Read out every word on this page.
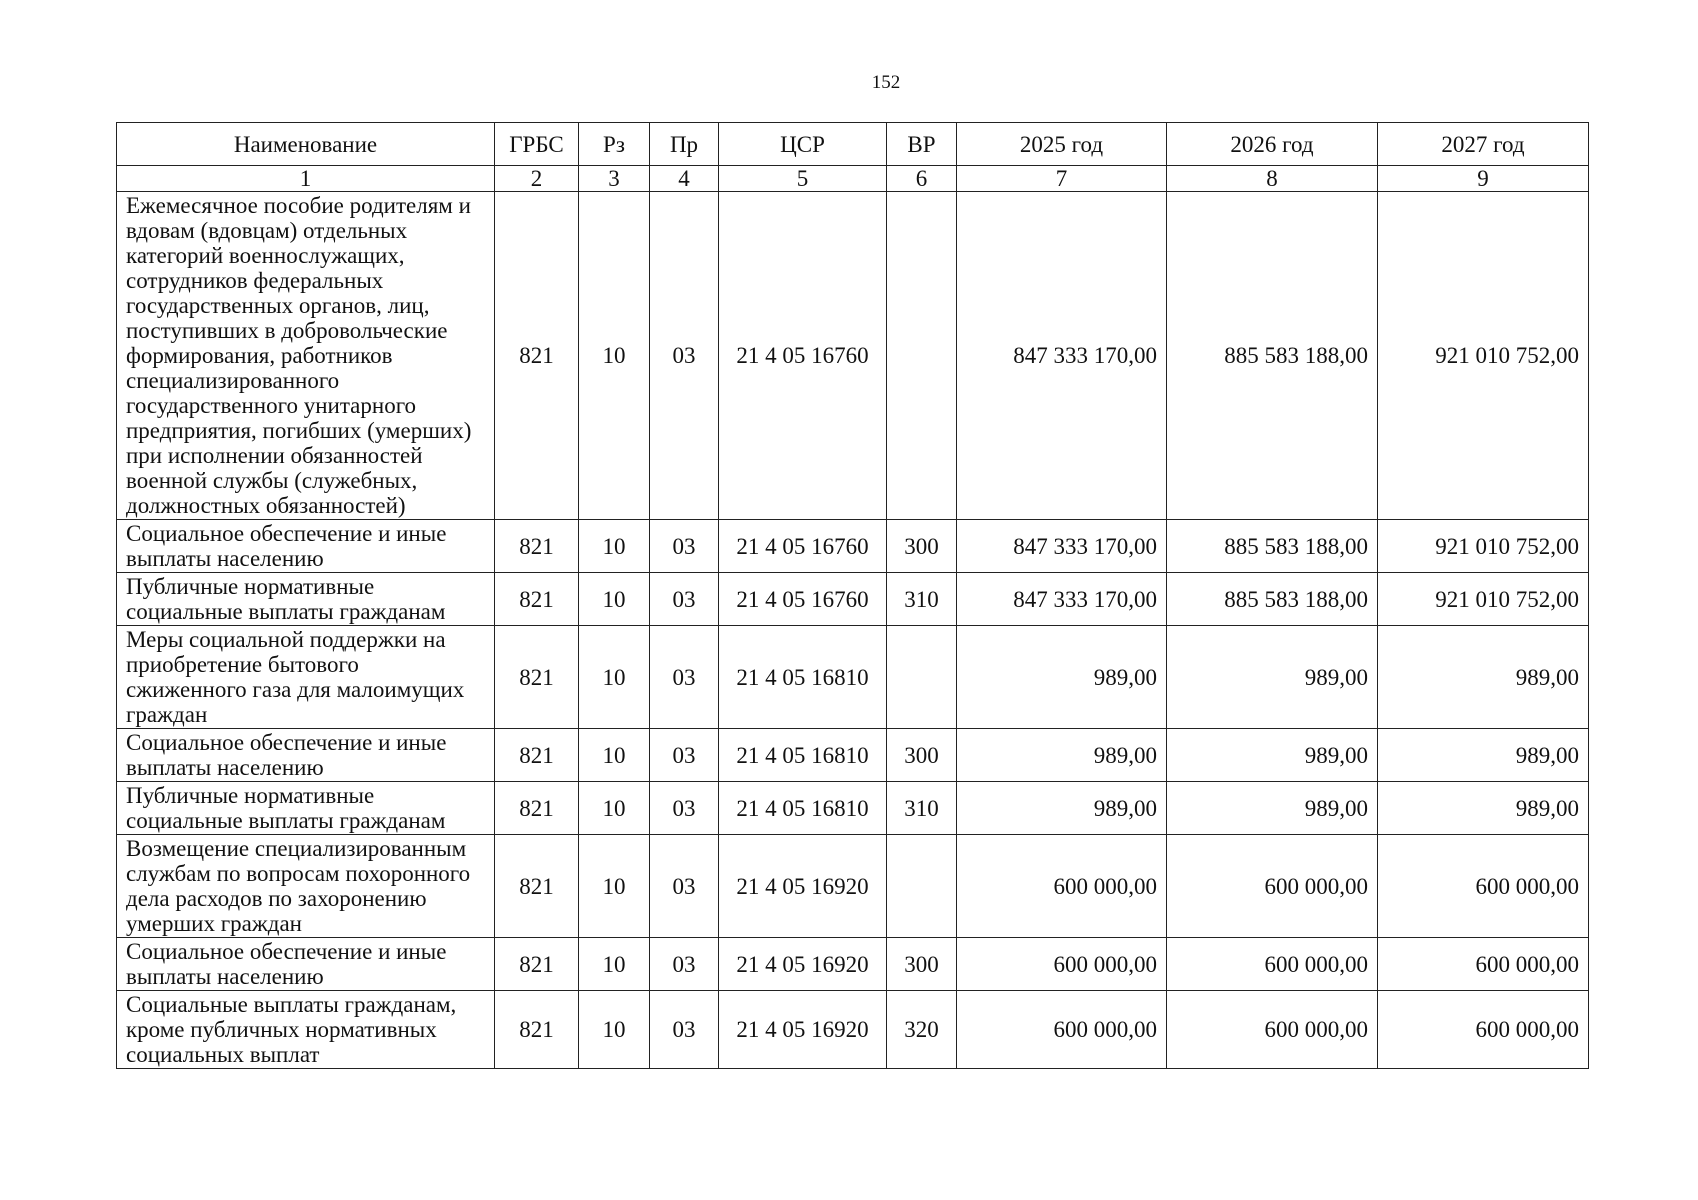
152
Наименование	ГРБС	Рз	Пр	ЦСР	ВР	2025 год	2026 год	2027 год
1	2	3	4	5	6	7	8	9
Ежемесячное пособие родителям и вдовам (вдовцам) отдельных категорий военнослужащих, сотрудников федеральных государственных органов, лиц, поступивших в добровольческие формирования, работников специализированного государственного унитарного предприятия, погибших (умерших) при исполнении обязанностей военной службы (служебных, должностных обязанностей)	821	10	03	21 4 05 16760		847 333 170,00	885 583 188,00	921 010 752,00
Социальное обеспечение и иные выплаты населению	821	10	03	21 4 05 16760	300	847 333 170,00	885 583 188,00	921 010 752,00
Публичные нормативные социальные выплаты гражданам	821	10	03	21 4 05 16760	310	847 333 170,00	885 583 188,00	921 010 752,00
Меры социальной поддержки на приобретение бытового сжиженного газа для малоимущих граждан	821	10	03	21 4 05 16810		989,00	989,00	989,00
Социальное обеспечение и иные выплаты населению	821	10	03	21 4 05 16810	300	989,00	989,00	989,00
Публичные нормативные социальные выплаты гражданам	821	10	03	21 4 05 16810	310	989,00	989,00	989,00
Возмещение специализированным службам по вопросам похоронного дела расходов по захоронению умерших граждан	821	10	03	21 4 05 16920		600 000,00	600 000,00	600 000,00
Социальное обеспечение и иные выплаты населению	821	10	03	21 4 05 16920	300	600 000,00	600 000,00	600 000,00
Социальные выплаты гражданам, кроме публичных нормативных социальных выплат	821	10	03	21 4 05 16920	320	600 000,00	600 000,00	600 000,00
